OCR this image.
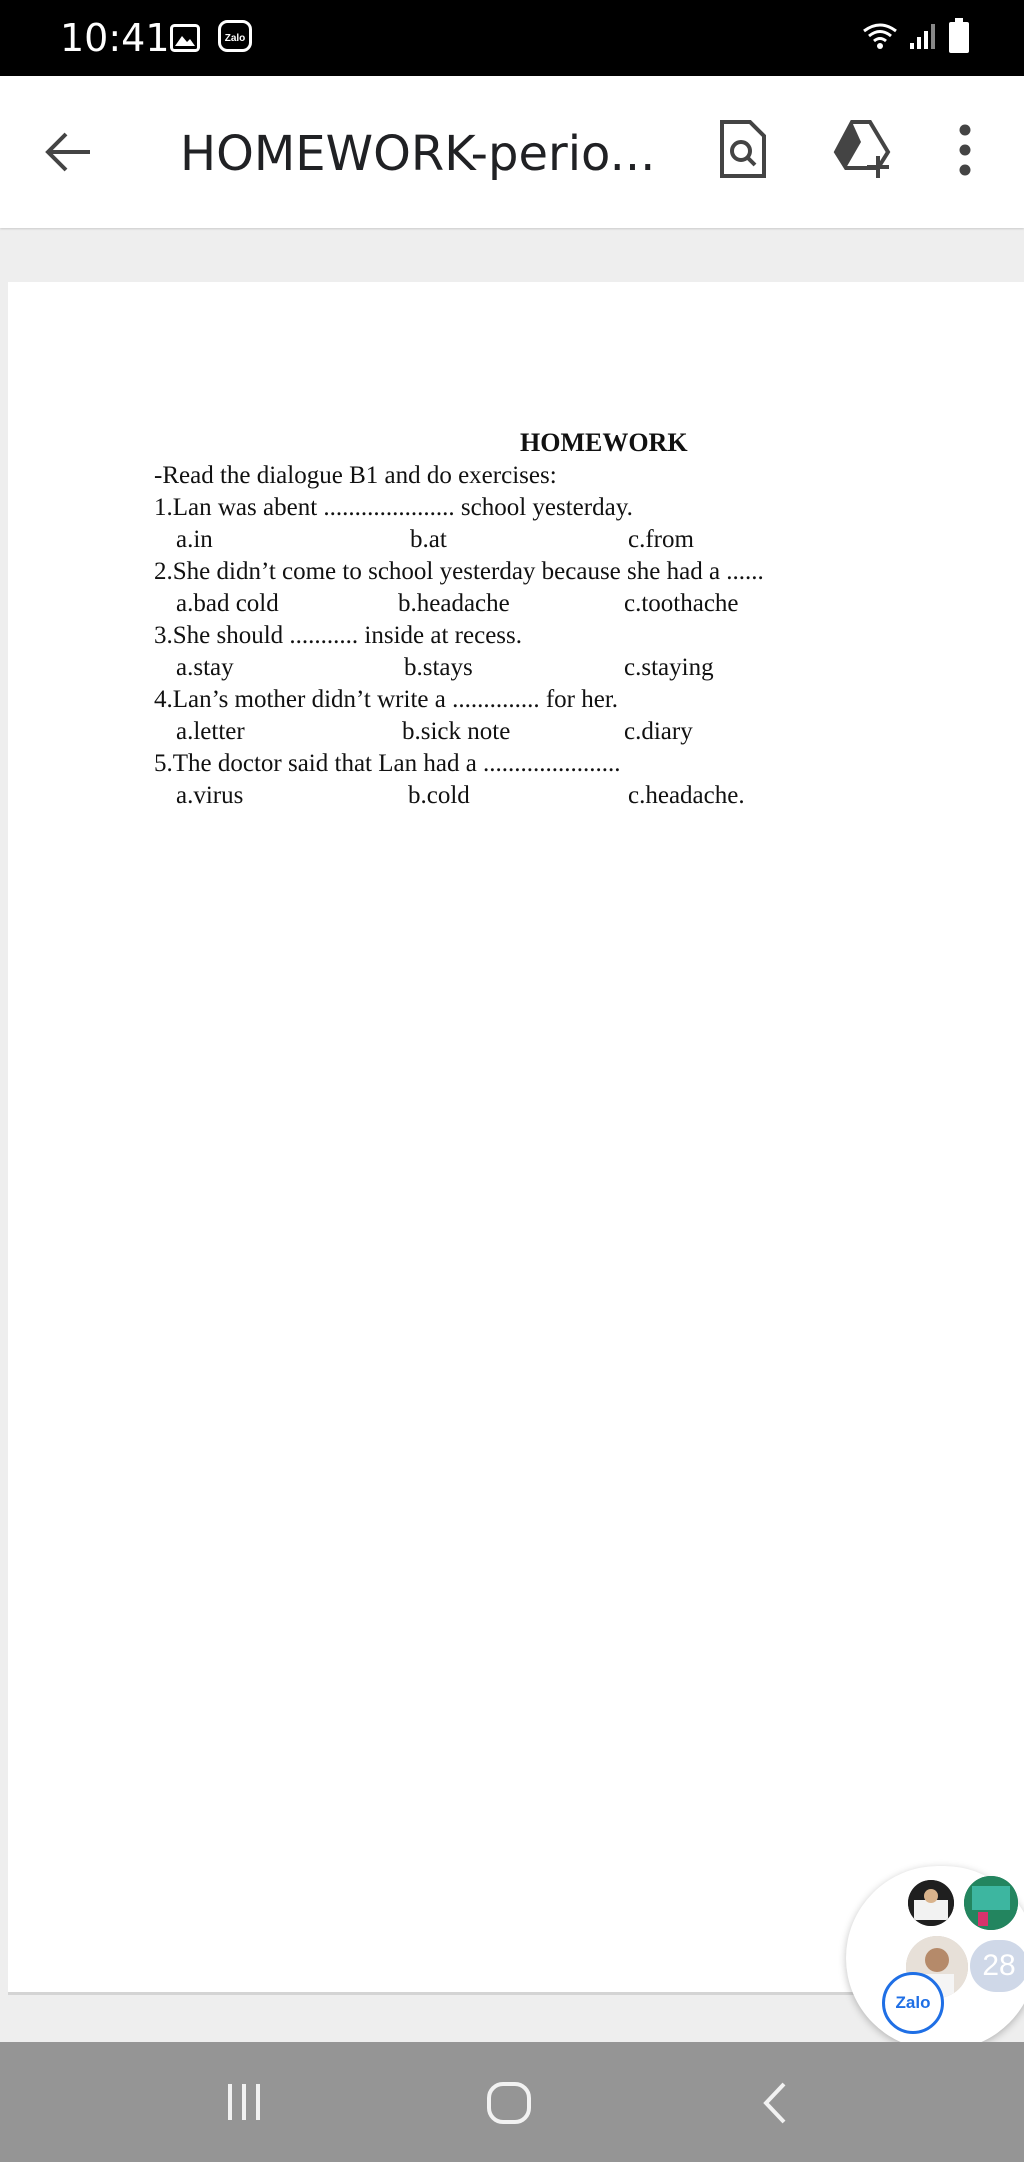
10:41	Zalo
HOMEWORK-perio...
HOMEWORK
-Read the dialogue B1 and do exercises:
1.Lan was abent ..................... school yesterday.
a.in	b.at	c.from
2.She didn’t come to school yesterday because she had a ......
a.bad cold	b.headache	c.toothache
3.She should ........... inside at recess.
a.stay	b.stays	c.staying
4.Lan’s mother didn’t write a .............. for her.
a.letter	b.sick note	c.diary
5.The doctor said that Lan had a ......................
a.virus	b.cold	c.headache.
28
Zalo
